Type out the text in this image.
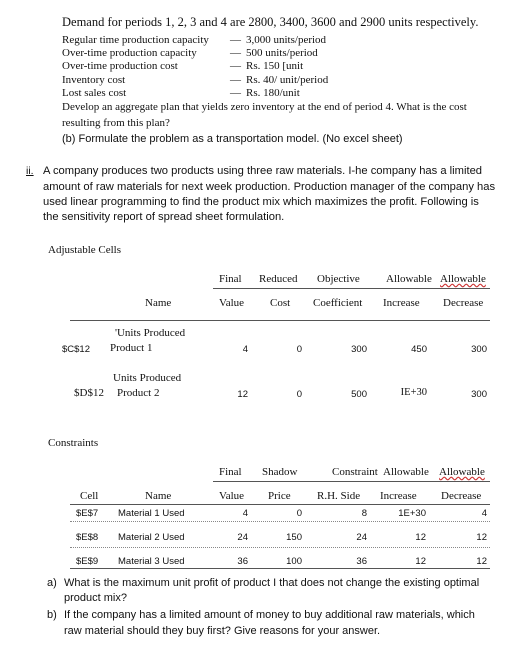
Demand for periods 1, 2, 3 and 4 are 2800, 3400, 3600 and 2900 units respectively.
Regular time production capacity — 3,000 units/period
Over-time production capacity	— 500 units/period
Over-time production cost	— Rs. 150 [unit
Inventory cost	— Rs. 40/ unit/period
Lost sales cost	— Rs. 180/unit
Develop an aggregate plan that yields zero inventory at the end of period 4. What is the cost
resulting from this plan?
(b) Formulate the problem as a transportation model. (No excel sheet)
ii. A company produces two products using three raw materials. I-he company has a limited
amount of raw materials for next week production. Production manager of the company has
used linear programming to find the product mix which maximizes the profit. Following is
the sensitivity report of spread sheet formulation.
Adjustable Cells
Final Reduced Objective Allowable Allowable
Name	Value Cost Coefficient Increase Decrease
'Units Produced
$C$12 Product 1	4	0	300	450	300
Units Produced
$D$12 Product 2	12	0	500	IE+30	300
Constraints
Final Shadow	Constraint Allowable Allowable
Cell	Name	Value Price R.H. Side Increase Decrease
$E$7 Material 1 Used	4	0	8	1E+30	4
$E$8 Material 2 Used	24	150	24	12	12
$E$9 Material 3 Used	36	100	36	12	12
a) What is the maximum unit profit of product I that does not change the existing optimal
product mix?
b) If the company has a limited amount of money to buy additional raw materials, which
raw material should they buy first? Give reasons for your answer.
